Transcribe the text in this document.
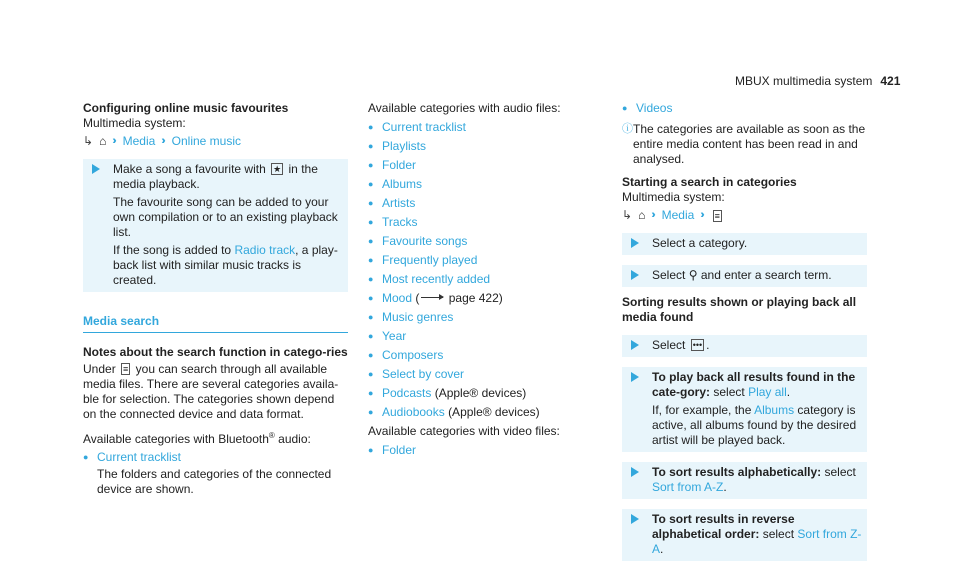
MBUX multimedia system 421
Configuring online music favourites
Multimedia system:
↳ ⌂ ›› Media ›› Online music

Make a song a favourite with ★ in the media playback.

The favourite song can be added to your own compilation or to an existing playback list.

If the song is added to Radio track, a play-back list with similar music tracks is created.

Media search
Notes about the search function in catego-ries
Under ≡ you can search through all available media files. There are several categories availa-ble for selection. The categories shown depend on the connected device and data format.
Available categories with Bluetooth® audio:
● Current tracklist
The folders and categories of the connected device are shown.
Available categories with audio files:
● Current tracklist
● Playlists
● Folder
● Albums
● Artists
● Tracks
● Favourite songs
● Frequently played
● Most recently added
● Mood ( page 422)
● Music genres
● Year
● Composers
● Select by cover
● Podcasts (Apple® devices)
● Audiobooks (Apple® devices)
Available categories with video files:
● Folder
● Videos
ⓘ The categories are available as soon as the entire media content has been read in and analysed.
Starting a search in categories
Multimedia system:
↳ ⌂ ›› Media ›› ≡

Select a category.

Select ⚲ and enter a search term.

Sorting results shown or playing back all media found

Select ••• .

To play back all results found in the cate-gory: select Play all.

If, for example, the Albums category is active, all albums found by the desired artist will be played back.

To sort results alphabetically: select Sort from A-Z.

To sort results in reverse alphabetical order: select Sort from Z-A.
